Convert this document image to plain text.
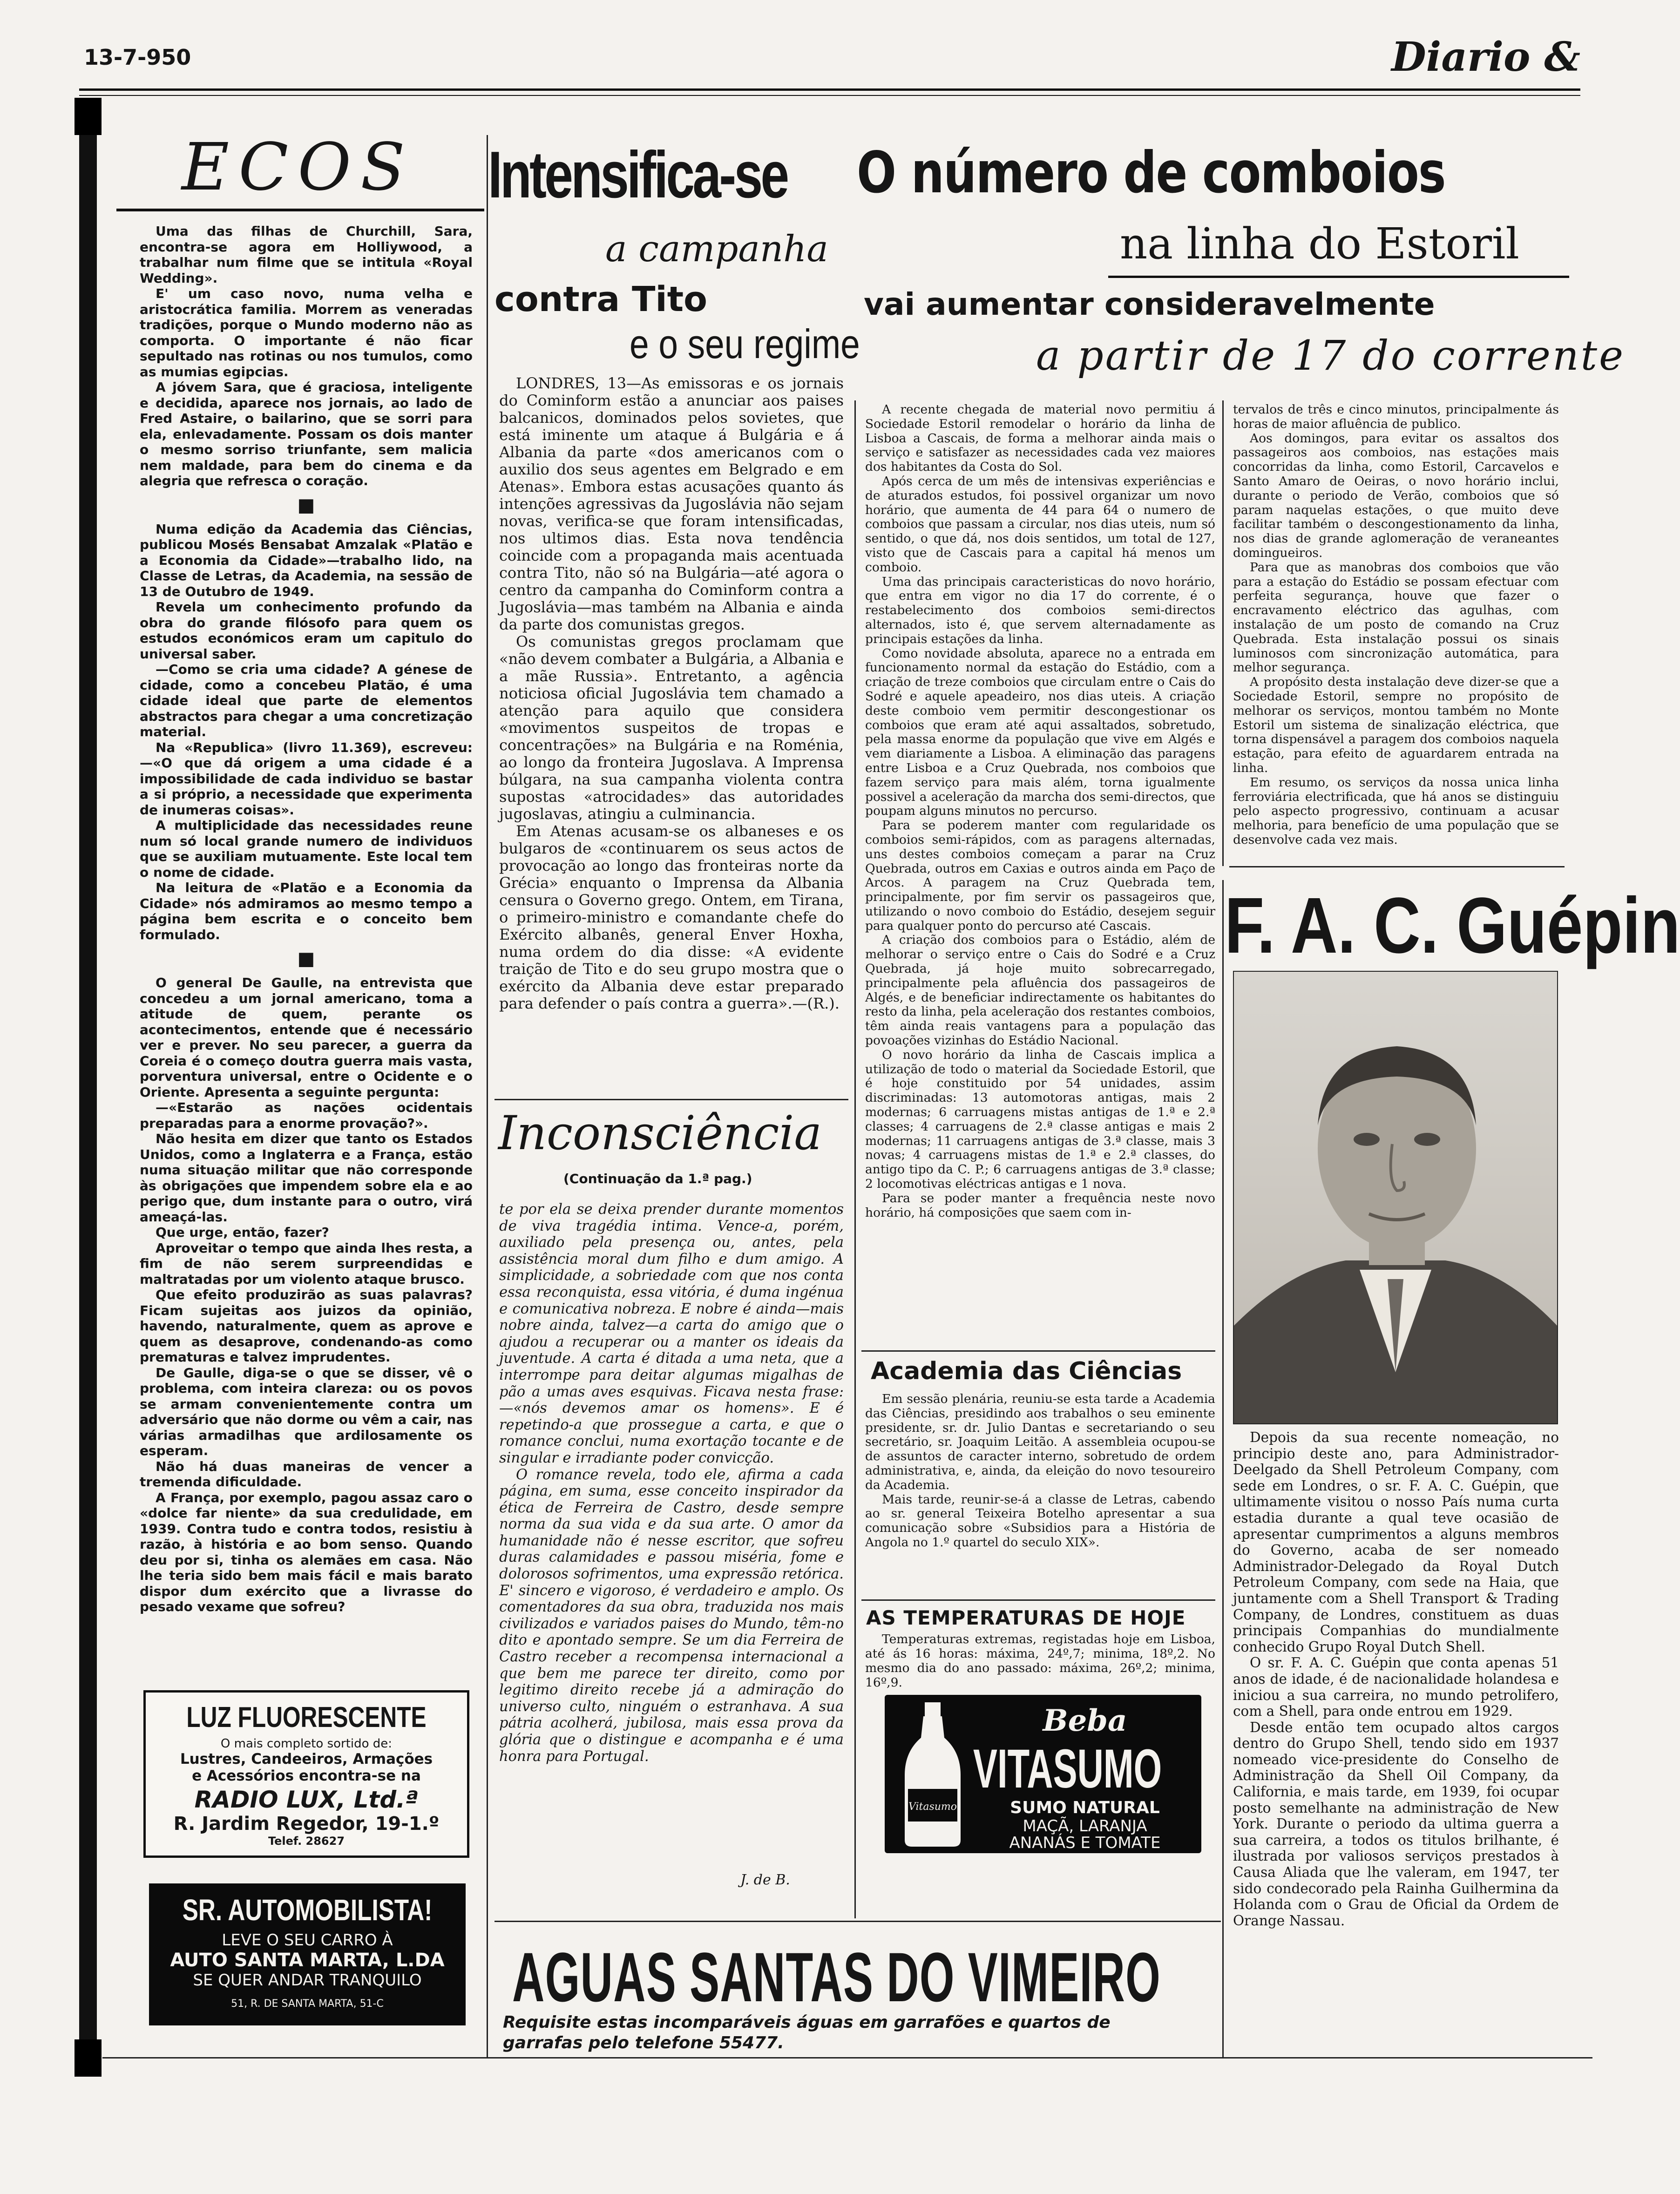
13-7-950	Diario &
ECOS

Uma das filhas de Churchill, Sara, encontra-se agora em Holliywood, a trabalhar num filme que se intitula «Royal Wedding».

E' um caso novo, numa velha e aristocrática familia. Morrem as veneradas tradições, porque o Mundo moderno não as comporta. O importante é não ficar sepultado nas rotinas ou nos tumulos, como as mumias egipcias.

A jóvem Sara, que é graciosa, inteligente e decidida, aparece nos jornais, ao lado de Fred Astaire, o bailarino, que se sorri para ela, enlevadamente. Possam os dois manter o mesmo sorriso triunfante, sem malicia nem maldade, para bem do cinema e da alegria que refresca o coração.

■

Numa edição da Academia das Ciências, publicou Mosés Bensabat Amzalak «Platão e a Economia da Cidade»—trabalho lido, na Classe de Letras, da Academia, na sessão de 13 de Outubro de 1949.

Revela um conhecimento profundo da obra do grande filósofo para quem os estudos económicos eram um capitulo do universal saber.

—Como se cria uma cidade? A génese de cidade, como a concebeu Platão, é uma cidade ideal que parte de elementos abstractos para chegar a uma concretização material.

Na «Republica» (livro 11.369), escreveu: —«O que dá origem a uma cidade é a impossibilidade de cada individuo se bastar a si próprio, a necessidade que experimenta de inumeras coisas».

A multiplicidade das necessidades reune num só local grande numero de individuos que se auxiliam mutuamente. Este local tem o nome de cidade.

Na leitura de «Platão e a Economia da Cidade» nós admiramos ao mesmo tempo a página bem escrita e o conceito bem formulado.

■

O general De Gaulle, na entrevista que concedeu a um jornal americano, toma a atitude de quem, perante os acontecimentos, entende que é necessário ver e prever. No seu parecer, a guerra da Coreia é o começo doutra guerra mais vasta, porventura universal, entre o Ocidente e o Oriente. Apresenta a seguinte pergunta:

—«Estarão as nações ocidentais preparadas para a enorme provação?».

Não hesita em dizer que tanto os Estados Unidos, como a Inglaterra e a França, estão numa situação militar que não corresponde às obrigações que impendem sobre ela e ao perigo que, dum instante para o outro, virá ameaçá-las.

Que urge, então, fazer?

Aproveitar o tempo que ainda lhes resta, a fim de não serem surpreendidas e maltratadas por um violento ataque brusco.

Que efeito produzirão as suas palavras? Ficam sujeitas aos juizos da opinião, havendo, naturalmente, quem as aprove e quem as desaprove, condenando-as como prematuras e talvez imprudentes.

De Gaulle, diga-se o que se disser, vê o problema, com inteira clareza: ou os povos se armam convenientemente contra um adversário que não dorme ou vêm a cair, nas várias armadilhas que ardilosamente os esperam.

Não há duas maneiras de vencer a tremenda dificuldade.

A França, por exemplo, pagou assaz caro o «dolce far niente» da sua credulidade, em 1939. Contra tudo e contra todos, resistiu à razão, à história e ao bom senso. Quando deu por si, tinha os alemães em casa. Não lhe teria sido bem mais fácil e mais barato dispor dum exército que a livrasse do pesado vexame que sofreu?

LUZ FLUORESCENTE
O mais completo sortido de:
Lustres, Candeeiros, Armações
e Acessórios encontra-se na
RADIO LUX, Ltd.ª
R. Jardim Regedor, 19-1.º
Telef. 28627
SR. AUTOMOBILISTA!
LEVE O SEU CARRO À
AUTO SANTA MARTA, L.DA
SE QUER ANDAR TRANQUILO
51, R. DE SANTA MARTA, 51-C
Intensifica-se
a campanha
contra Tito
e o seu regime

LONDRES, 13—As emissoras e os jornais do Cominform estão a anunciar aos paises balcanicos, dominados pelos sovietes, que está iminente um ataque á Bulgária e á Albania da parte «dos americanos com o auxilio dos seus agentes em Belgrado e em Atenas». Embora estas acusações quanto ás intenções agressivas da Jugoslávia não sejam novas, verifica-se que foram intensificadas, nos ultimos dias. Esta nova tendência coincide com a propaganda mais acentuada contra Tito, não só na Bulgária—até agora o centro da campanha do Cominform contra a Jugoslávia—mas também na Albania e ainda da parte dos comunistas gregos.

Os comunistas gregos proclamam que «não devem combater a Bulgária, a Albania e a mãe Russia». Entretanto, a agência noticiosa oficial Jugoslávia tem chamado a atenção para aquilo que considera «movimentos suspeitos de tropas e concentrações» na Bulgária e na Roménia, ao longo da fronteira Jugoslava. A Imprensa búlgara, na sua campanha violenta contra supostas «atrocidades» das autoridades jugoslavas, atingiu a culminancia.

Em Atenas acusam-se os albaneses e os bulgaros de «continuarem os seus actos de provocação ao longo das fronteiras norte da Grécia» enquanto o Imprensa da Albania censura o Governo grego. Ontem, em Tirana, o primeiro-ministro e comandante chefe do Exército albanês, general Enver Hoxha, numa ordem do dia disse: «A evidente traição de Tito e do seu grupo mostra que o exército da Albania deve estar preparado para defender o país contra a guerra».—(R.).

Inconsciência
(Continuação da 1.ª pag.)

te por ela se deixa prender durante momentos de viva tragédia intima. Vence-a, porém, auxiliado pela presença ou, antes, pela assistência moral dum filho e dum amigo. A simplicidade, a sobriedade com que nos conta essa reconquista, essa vitória, é duma ingénua e comunicativa nobreza. E nobre é ainda—mais nobre ainda, talvez—a carta do amigo que o ajudou a recuperar ou a manter os ideais da juventude. A carta é ditada a uma neta, que a interrompe para deitar algumas migalhas de pão a umas aves esquivas. Ficava nesta frase:—«nós devemos amar os homens». E é repetindo-a que prossegue a carta, e que o romance conclui, numa exortação tocante e de singular e irradiante poder convicção.

O romance revela, todo ele, afirma a cada página, em suma, esse conceito inspirador da ética de Ferreira de Castro, desde sempre norma da sua vida e da sua arte. O amor da humanidade não é nesse escritor, que sofreu duras calamidades e passou miséria, fome e dolorosos sofrimentos, uma expressão retórica. E' sincero e vigoroso, é verdadeiro e amplo. Os comentadores da sua obra, traduzida nos mais civilizados e variados paises do Mundo, têm-no dito e apontado sempre. Se um dia Ferreira de Castro receber a recompensa internacional a que bem me parece ter direito, como por legitimo direito recebe já a admiração do universo culto, ninguém o estranhava. A sua pátria acolherá, jubilosa, mais essa prova da glória que o distingue e acompanha e é uma honra para Portugal.

J. de B.
O número de comboios
na linha do Estoril
vai aumentar consideravelmente
a partir de 17 do corrente

A recente chegada de material novo permitiu á Sociedade Estoril remodelar o horário da linha de Lisboa a Cascais, de forma a melhorar ainda mais o serviço e satisfazer as necessidades cada vez maiores dos habitantes da Costa do Sol.

Após cerca de um mês de intensivas experiências e de aturados estudos, foi possivel organizar um novo horário, que aumenta de 44 para 64 o numero de comboios que passam a circular, nos dias uteis, num só sentido, o que dá, nos dois sentidos, um total de 127, visto que de Cascais para a capital há menos um comboio.

Uma das principais caracteristicas do novo horário, que entra em vigor no dia 17 do corrente, é o restabelecimento dos comboios semi-directos alternados, isto é, que servem alternadamente as principais estações da linha.

Como novidade absoluta, aparece no a entrada em funcionamento normal da estação do Estádio, com a criação de treze comboios que circulam entre o Cais do Sodré e aquele apeadeiro, nos dias uteis. A criação deste comboio vem permitir descongestionar os comboios que eram até aqui assaltados, sobretudo, pela massa enorme da população que vive em Algés e vem diariamente a Lisboa. A eliminação das paragens entre Lisboa e a Cruz Quebrada, nos comboios que fazem serviço para mais além, torna igualmente possivel a aceleração da marcha dos semi-directos, que poupam alguns minutos no percurso.

Para se poderem manter com regularidade os comboios semi-rápidos, com as paragens alternadas, uns destes comboios começam a parar na Cruz Quebrada, outros em Caxias e outros ainda em Paço de Arcos. A paragem na Cruz Quebrada tem, principalmente, por fim servir os passageiros que, utilizando o novo comboio do Estádio, desejem seguir para qualquer ponto do percurso até Cascais.

A criação dos comboios para o Estádio, além de melhorar o serviço entre o Cais do Sodré e a Cruz Quebrada, já hoje muito sobrecarregado, principalmente pela afluência dos passageiros de Algés, e de beneficiar indirectamente os habitantes do resto da linha, pela aceleração dos restantes comboios, têm ainda reais vantagens para a população das povoações vizinhas do Estádio Nacional.

O novo horário da linha de Cascais implica a utilização de todo o material da Sociedade Estoril, que é hoje constituido por 54 unidades, assim discriminadas: 13 automotoras antigas, mais 2 modernas; 6 carruagens mistas antigas de 1.ª e 2.ª classes; 4 carruagens de 2.ª classe antigas e mais 2 modernas; 11 carruagens antigas de 3.ª classe, mais 3 novas; 4 carruagens mistas de 1.ª e 2.ª classes, do antigo tipo da C. P.; 6 carruagens antigas de 3.ª classe; 2 locomotivas eléctricas antigas e 1 nova.

Para se poder manter a frequência neste novo horário, há composições que saem com in-

tervalos de três e cinco minutos, principalmente ás horas de maior afluência de publico.

Aos domingos, para evitar os assaltos dos passageiros aos comboios, nas estações mais concorridas da linha, como Estoril, Carcavelos e Santo Amaro de Oeiras, o novo horário inclui, durante o periodo de Verão, comboios que só param naquelas estações, o que muito deve facilitar também o descongestionamento da linha, nos dias de grande aglomeração de veraneantes domingueiros.

Para que as manobras dos comboios que vão para a estação do Estádio se possam efectuar com perfeita segurança, houve que fazer o encravamento eléctrico das agulhas, com instalação de um posto de comando na Cruz Quebrada. Esta instalação possui os sinais luminosos com sincronização automática, para melhor segurança.

A propósito desta instalação deve dizer-se que a Sociedade Estoril, sempre no propósito de melhorar os serviços, montou também no Monte Estoril um sistema de sinalização eléctrica, que torna dispensável a paragem dos comboios naquela estação, para efeito de aguardarem entrada na linha.

Em resumo, os serviços da nossa unica linha ferroviária electrificada, que há anos se distinguiu pelo aspecto progressivo, continuam a acusar melhoria, para benefício de uma população que se desenvolve cada vez mais.

Academia das Ciências

Em sessão plenária, reuniu-se esta tarde a Academia das Ciências, presidindo aos trabalhos o seu eminente presidente, sr. dr. Julio Dantas e secretariando o seu secretário, sr. Joaquim Leitão. A assembleia ocupou-se de assuntos de caracter interno, sobretudo de ordem administrativa, e, ainda, da eleição do novo tesoureiro da Academia.

Mais tarde, reunir-se-á a classe de Letras, cabendo ao sr. general Teixeira Botelho apresentar a sua comunicação sobre «Subsidios para a História de Angola no 1.º quartel do seculo XIX».

AS TEMPERATURAS DE HOJE

Temperaturas extremas, registadas hoje em Lisboa, até ás 16 horas: máxima, 24º,7; minima, 18º,2. No mesmo dia do ano passado: máxima, 26º,2; minima, 16º,9.

Vitasumo
Beba
VITASUMO
SUMO NATURAL
MAÇÃ, LARANJA
ANANÁS E TOMATE
F. A. C. Guépin

Depois da sua recente nomeação, no principio deste ano, para Administrador-Deelgado da Shell Petroleum Company, com sede em Londres, o sr. F. A. C. Guépin, que ultimamente visitou o nosso País numa curta estadia durante a qual teve ocasião de apresentar cumprimentos a alguns membros do Governo, acaba de ser nomeado Administrador-Delegado da Royal Dutch Petroleum Company, com sede na Haia, que juntamente com a Shell Transport & Trading Company, de Londres, constituem as duas principais Companhias do mundialmente conhecido Grupo Royal Dutch Shell.

O sr. F. A. C. Guépin que conta apenas 51 anos de idade, é de nacionalidade holandesa e iniciou a sua carreira, no mundo petrolifero, com a Shell, para onde entrou em 1929.

Desde então tem ocupado altos cargos dentro do Grupo Shell, tendo sido em 1937 nomeado vice-presidente do Conselho de Administração da Shell Oil Company, da California, e mais tarde, em 1939, foi ocupar posto semelhante na administração de New York. Durante o periodo da ultima guerra a sua carreira, a todos os titulos brilhante, é ilustrada por valiosos serviços prestados à Causa Aliada que lhe valeram, em 1947, ter sido condecorado pela Rainha Guilhermina da Holanda com o Grau de Oficial da Ordem de Orange Nassau.

AGUAS SANTAS DO VIMEIRO
Requisite estas incomparáveis águas em garrafões e quartos de garrafas pelo telefone 55477.
